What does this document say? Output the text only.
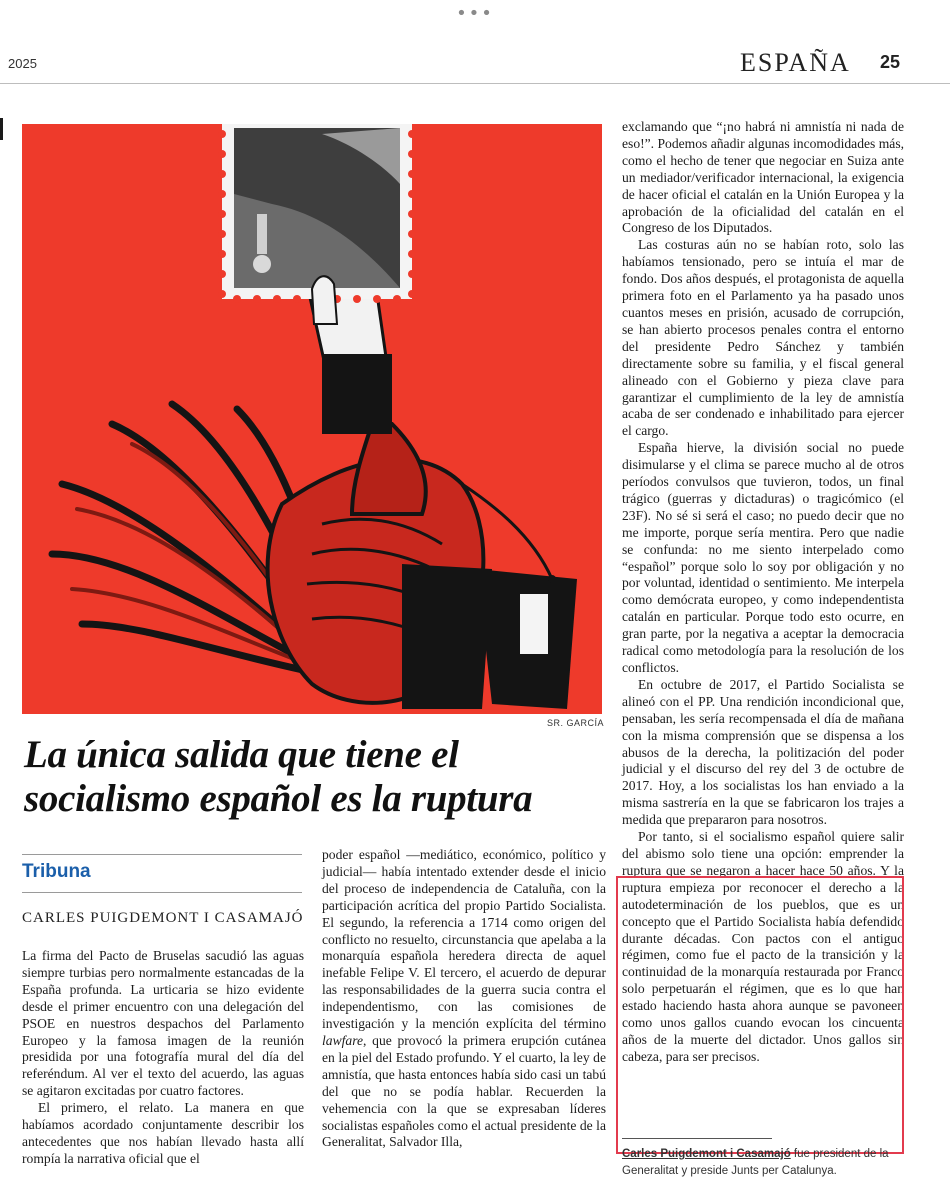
•••
2025	ESPAÑA 25
SR. GARCÍA
La única salida que tiene el
socialismo español es la ruptura
Tribuna
CARLES PUIGDEMONT I CASAMAJÓ

La firma del Pacto de Bruselas sacudió las aguas siempre turbias pero normalmente estancadas de la España profunda. La urticaria se hizo evidente desde el primer encuentro con una delegación del PSOE en nuestros despachos del Parlamento Europeo y la famosa imagen de la reunión presidida por una fotografía mural del día del referéndum. Al ver el texto del acuerdo, las aguas se agitaron excitadas por cuatro factores.

El primero, el relato. La manera en que habíamos acordado conjuntamente describir los antecedentes que nos habían llevado hasta allí rompía la narrativa oficial que el

poder español —mediático, económico, político y judicial— había intentado extender desde el inicio del proceso de independencia de Cataluña, con la participación acrítica del propio Partido Socialista. El segundo, la referencia a 1714 como origen del conflicto no resuelto, circunstancia que apelaba a la monarquía española heredera directa de aquel inefable Felipe V. El tercero, el acuerdo de depurar las responsabilidades de la guerra sucia contra el independentismo, con las comisiones de investigación y la mención explícita del término lawfare, que provocó la primera erupción cutánea en la piel del Estado profundo. Y el cuarto, la ley de amnistía, que hasta entonces había sido casi un tabú del que no se podía hablar. Recuerden la vehemencia con la que se expresaban líderes socialistas españoles como el actual presidente de la Generalitat, Salvador Illa,

exclamando que “¡no habrá ni amnistía ni nada de eso!”. Podemos añadir algunas incomodidades más, como el hecho de tener que negociar en Suiza ante un mediador/verificador internacional, la exigencia de hacer oficial el catalán en la Unión Europea y la aprobación de la oficialidad del catalán en el Congreso de los Diputados.

Las costuras aún no se habían roto, solo las habíamos tensionado, pero se intuía el mar de fondo. Dos años después, el protagonista de aquella primera foto en el Parlamento ya ha pasado unos cuantos meses en prisión, acusado de corrupción, se han abierto procesos penales contra el entorno del presidente Pedro Sánchez y también directamente sobre su familia, y el fiscal general alineado con el Gobierno y pieza clave para garantizar el cumplimiento de la ley de amnistía acaba de ser condenado e inhabilitado para ejercer el cargo.

España hierve, la división social no puede disimularse y el clima se parece mucho al de otros períodos convulsos que tuvieron, todos, un final trágico (guerras y dictaduras) o tragicómico (el 23F). No sé si será el caso; no puedo decir que no me importe, porque sería mentira. Pero que nadie se confunda: no me siento interpelado como “español” porque solo lo soy por obligación y no por voluntad, identidad o sentimiento. Me interpela como demócrata europeo, y como independentista catalán en particular. Porque todo esto ocurre, en gran parte, por la negativa a aceptar la democracia radical como metodología para la resolución de los conflictos.

En octubre de 2017, el Partido Socialista se alineó con el PP. Una rendición incondicional que, pensaban, les sería recompensada el día de mañana con la misma comprensión que se dispensa a los abusos de la derecha, la politización del poder judicial y el discurso del rey del 3 de octubre de 2017. Hoy, a los socialistas los han enviado a la misma sastrería en la que se fabricaron los trajes a medida que prepararon para nosotros.

Por tanto, si el socialismo español quiere salir del abismo solo tiene una opción: emprender la ruptura que se negaron a hacer hace 50 años. Y la ruptura empieza por reconocer el derecho a la autodeterminación de los pueblos, que es un concepto que el Partido Socialista había defendido durante décadas. Con pactos con el antiguo régimen, como fue el pacto de la transición y la continuidad de la monarquía restaurada por Franco solo perpetuarán el régimen, que es lo que han estado haciendo hasta ahora aunque se pavoneen como unos gallos cuando evocan los cincuenta años de la muerte del dictador. Unos gallos sin cabeza, para ser precisos.

Carles Puigdemont i Casamajó fue president de la Generalitat y preside Junts per Catalunya.
